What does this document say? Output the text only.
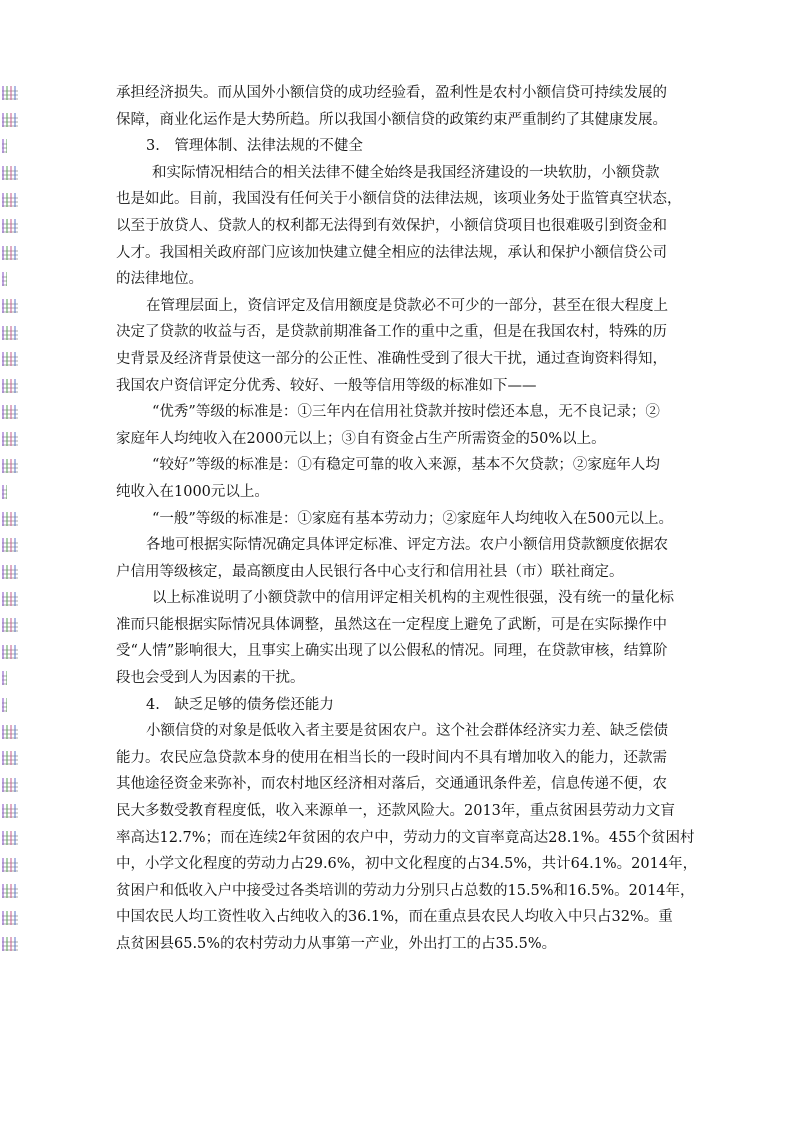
承担经济损失。而从国外小额信贷的成功经验看，盈利性是农村小额信贷可持续发展的
保障，商业化运作是大势所趋。所以我国小额信贷的政策约束严重制约了其健康发展。
3.　管理体制、法律法规的不健全
和实际情况相结合的相关法律不健全始终是我国经济建设的一块软肋，小额贷款
也是如此。目前，我国没有任何关于小额信贷的法律法规，该项业务处于监管真空状态，
以至于放贷人、贷款人的权利都无法得到有效保护，小额信贷项目也很难吸引到资金和
人才。我国相关政府部门应该加快建立健全相应的法律法规，承认和保护小额信贷公司
的法律地位。
在管理层面上，资信评定及信用额度是贷款必不可少的一部分，甚至在很大程度上
决定了贷款的收益与否，是贷款前期准备工作的重中之重，但是在我国农村，特殊的历
史背景及经济背景使这一部分的公正性、准确性受到了很大干扰，通过查询资料得知，
我国农户资信评定分优秀、较好、一般等信用等级的标准如下——
“优秀”等级的标准是：①三年内在信用社贷款并按时偿还本息，无不良记录；②
家庭年人均纯收入在2000元以上；③自有资金占生产所需资金的50%以上。
“较好”等级的标准是：①有稳定可靠的收入来源，基本不欠贷款；②家庭年人均
纯收入在1000元以上。
“一般”等级的标准是：①家庭有基本劳动力；②家庭年人均纯收入在500元以上。
各地可根据实际情况确定具体评定标准、评定方法。农户小额信用贷款额度依据农
户信用等级核定，最高额度由人民银行各中心支行和信用社县（市）联社商定。
以上标准说明了小额贷款中的信用评定相关机构的主观性很强，没有统一的量化标
准而只能根据实际情况具体调整，虽然这在一定程度上避免了武断，可是在实际操作中
受“人情”影响很大，且事实上确实出现了以公假私的情况。同理，在贷款审核，结算阶
段也会受到人为因素的干扰。
4.　缺乏足够的债务偿还能力
小额信贷的对象是低收入者主要是贫困农户。这个社会群体经济实力差、缺乏偿债
能力。农民应急贷款本身的使用在相当长的一段时间内不具有增加收入的能力，还款需
其他途径资金来弥补，而农村地区经济相对落后，交通通讯条件差，信息传递不便，农
民大多数受教育程度低，收入来源单一，还款风险大。2013年，重点贫困县劳动力文盲
率高达12.7%；而在连续2年贫困的农户中，劳动力的文盲率竟高达28.1%。455个贫困村
中，小学文化程度的劳动力占29.6%，初中文化程度的占34.5%，共计64.1%。2014年，
贫困户和低收入户中接受过各类培训的劳动力分别只占总数的15.5%和16.5%。2014年，
中国农民人均工资性收入占纯收入的36.1%，而在重点县农民人均收入中只占32%。重
点贫困县65.5%的农村劳动力从事第一产业，外出打工的占35.5%。
